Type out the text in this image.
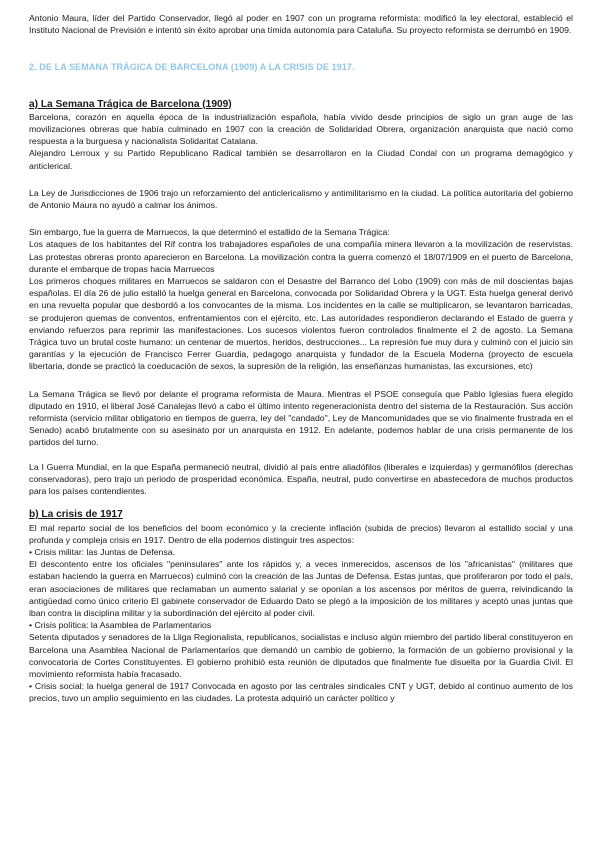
Antonio Maura, líder del Partido Conservador, llegó al poder en 1907 con un programa reformista: modificó la ley electoral, estableció el Instituto Nacional de Previsión e intentó sin éxito aprobar una tímida autonomía para Cataluña. Su proyecto reformista se derrumbó en 1909.

2. DE LA SEMANA TRÁGICA DE BARCELONA (1909) A LA CRISIS DE 1917.
a) La Semana Trágica de Barcelona (1909)

Barcelona, corazón en aquella época de la industrialización española, había vivido desde principios de siglo un gran auge de las movilizaciones obreras que había culminado en 1907 con la creación de Solidaridad Obrera, organización anarquista que nació como respuesta a la burguesa y nacionalista Solidaritat Catalana.

Alejandro Lerroux y su Partido Republicano Radical también se desarrollaron en la Ciudad Condal con un programa demagógico y anticlerical.

La Ley de Jurisdicciones de 1906 trajo un reforzamiento del anticlericalismo y antimilitarismo en la ciudad. La política autoritaria del gobierno de Antonio Maura no ayudó a calmar los ánimos.

Sin embargo, fue la guerra de Marruecos, la que determinó el estallido de la Semana Trágica:

Los ataques de los habitantes del Rif contra los trabajadores españoles de una compañía minera llevaron a la movilización de reservistas. Las protestas obreras pronto aparecieron en Barcelona. La movilización contra la guerra comenzó el 18/07/1909 en el puerto de Barcelona, durante el embarque de tropas hacia Marruecos

Los primeros choques militares en Marruecos se saldaron con el Desastre del Barranco del Lobo (1909) con más de mil doscientas bajas españolas. El día 26 de julio estalló la huelga general en Barcelona, convocada por Solidaridad Obrera y la UGT. Esta huelga general derivó en una revuelta popular que desbordó a los convocantes de la misma. Los incidentes en la calle se multiplicaron, se levantaron barricadas, se produjeron quemas de conventos, enfrentamientos con el ejército, etc. Las autoridades respondieron declarando el Estado de guerra y enviando refuerzos para reprimir las manifestaciones. Los sucesos violentos fueron controlados finalmente el 2 de agosto. La Semana Trágica tuvo un brutal coste humano: un centenar de muertos, heridos, destrucciones... La represión fue muy dura y culminó con el juicio sin garantías y la ejecución de Francisco Ferrer Guardia, pedagogo anarquista y fundador de la Escuela Moderna (proyecto de escuela libertaria, donde se practicó la coeducación de sexos, la supresión de la religión, las enseñanzas humanistas, las excursiones, etc)

La Semana Trágica se llevó por delante el programa reformista de Maura. Mientras el PSOE conseguía que Pablo Iglesias fuera elegido diputado en 1910, el liberal José Canalejas llevó a cabo el último intento regeneracionista dentro del sistema de la Restauración. Sus acción reformista (servicio militar obligatorio en tiempos de guerra, ley del "candado", Ley de Mancomunidades que se vio finalmente frustrada en el Senado) acabó brutalmente con su asesinato por un anarquista en 1912. En adelante, podemos hablar de una crisis permanente de los partidos del turno.

La I Guerra Mundial, en la que España permaneció neutral, dividió al país entre aliadófilos (liberales e izquierdas) y germanófilos (derechas conservadoras), pero trajo un periodo de prosperidad económica. España, neutral, pudo convertirse en abastecedora de muchos productos para los países contendientes.

b) La crisis de 1917

El mal reparto social de los beneficios del boom económico y la creciente inflación (subida de precios) llevaron al estallido social y una profunda y compleja crisis en 1917. Dentro de ella podemos distinguir tres aspectos:

• Crisis militar: las Juntas de Defensa.

El descontento entre los oficiales "peninsulares" ante los rápidos y, a veces inmerecidos, ascensos de los "africanistas" (militares que estaban haciendo la guerra en Marruecos) culminó con la creación de las Juntas de Defensa. Estas juntas, que proliferaron por todo el país, eran asociaciones de militares que reclamaban un aumento salarial y se oponían a los ascensos por méritos de guerra, reivindicando la antigüedad como único criterio El gabinete conservador de Eduardo Dato se plegó a la imposición de los militares y aceptó unas juntas que iban contra la disciplina militar y la subordinación del ejército al poder civil.

• Crisis política: la Asamblea de Parlamentarios

Setenta diputados y senadores de la Lliga Regionalista, republicanos, socialistas e incluso algún miembro del partido liberal constituyeron en Barcelona una Asamblea Nacional de Parlamentarios que demandó un cambio de gobierno, la formación de un gobierno provisional y la convocatoria de Cortes Constituyentes. El gobierno prohibió esta reunión de diputados que finalmente fue disuelta por la Guardia Civil. El movimiento reformista había fracasado.

• Crisis social: la huelga general de 1917 Convocada en agosto por las centrales sindicales CNT y UGT, debido al continuo aumento de los precios, tuvo un amplio seguimiento en las ciudades. La protesta adquirió un carácter político y
